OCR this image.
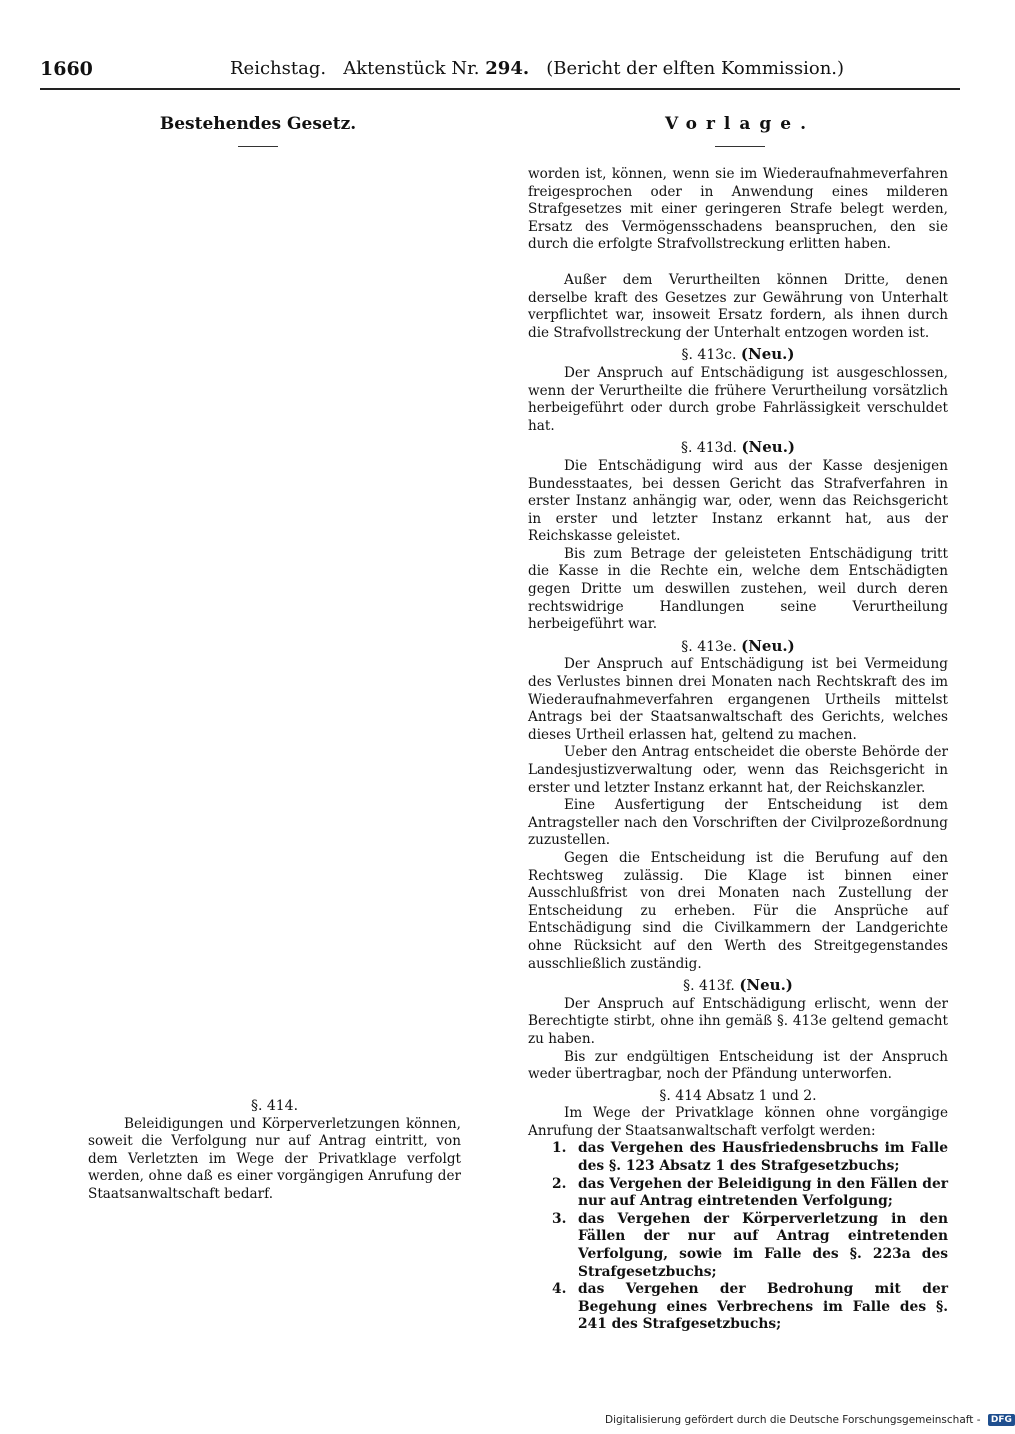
1660	Reichstag. Aktenstück Nr. 294. (Bericht der elften Kommission.)
Bestehendes Gesetz.	Vorlage.

worden ist, können, wenn sie im Wiederaufnahmeverfahren freigesprochen oder in Anwendung eines milderen Strafgesetzes mit einer geringeren Strafe belegt werden, Ersatz des Vermögensschadens beanspruchen, den sie durch die erfolgte Strafvollstreckung erlitten haben.

Außer dem Verurtheilten können Dritte, denen derselbe kraft des Gesetzes zur Gewährung von Unterhalt verpflichtet war, insoweit Ersatz fordern, als ihnen durch die Strafvollstreckung der Unterhalt entzogen worden ist.

§. 413c. (Neu.)

Der Anspruch auf Entschädigung ist ausgeschlossen, wenn der Verurtheilte die frühere Verurtheilung vorsätzlich herbeigeführt oder durch grobe Fahrlässigkeit verschuldet hat.

§. 413d. (Neu.)

Die Entschädigung wird aus der Kasse desjenigen Bundesstaates, bei dessen Gericht das Strafverfahren in erster Instanz anhängig war, oder, wenn das Reichsgericht in erster und letzter Instanz erkannt hat, aus der Reichskasse geleistet.

Bis zum Betrage der geleisteten Entschädigung tritt die Kasse in die Rechte ein, welche dem Entschädigten gegen Dritte um deswillen zustehen, weil durch deren rechtswidrige Handlungen seine Verurtheilung herbeigeführt war.

§. 413e. (Neu.)

Der Anspruch auf Entschädigung ist bei Vermeidung des Verlustes binnen drei Monaten nach Rechtskraft des im Wiederaufnahmeverfahren ergangenen Urtheils mittelst Antrags bei der Staatsanwaltschaft des Gerichts, welches dieses Urtheil erlassen hat, geltend zu machen.

Ueber den Antrag entscheidet die oberste Behörde der Landesjustizverwaltung oder, wenn das Reichsgericht in erster und letzter Instanz erkannt hat, der Reichskanzler.

Eine Ausfertigung der Entscheidung ist dem Antragsteller nach den Vorschriften der Civilprozeßordnung zuzustellen.

Gegen die Entscheidung ist die Berufung auf den Rechtsweg zulässig. Die Klage ist binnen einer Ausschlußfrist von drei Monaten nach Zustellung der Entscheidung zu erheben. Für die Ansprüche auf Entschädigung sind die Civilkammern der Landgerichte ohne Rücksicht auf den Werth des Streitgegenstandes ausschließlich zuständig.

§. 413f. (Neu.)

Der Anspruch auf Entschädigung erlischt, wenn der Berechtigte stirbt, ohne ihn gemäß §. 413e geltend gemacht zu haben.

Bis zur endgültigen Entscheidung ist der Anspruch weder übertragbar, noch der Pfändung unterworfen.

§. 414 Absatz 1 und 2.

Im Wege der Privatklage können ohne vorgängige Anrufung der Staatsanwaltschaft verfolgt werden:

1. das Vergehen des Hausfriedensbruchs im Falle des §. 123 Absatz 1 des Strafgesetzbuchs;
2. das Vergehen der Beleidigung in den Fällen der nur auf Antrag eintretenden Verfolgung;
3. das Vergehen der Körperverletzung in den Fällen der nur auf Antrag eintretenden Verfolgung, sowie im Falle des §. 223a des Strafgesetzbuchs;
4. das Vergehen der Bedrohung mit der Begehung eines Verbrechens im Falle des §. 241 des Strafgesetzbuchs;
§. 414.

Beleidigungen und Körperverletzungen können, soweit die Verfolgung nur auf Antrag eintritt, von dem Verletzten im Wege der Privatklage verfolgt werden, ohne daß es einer vorgängigen Anrufung der Staatsanwaltschaft bedarf.

Digitalisierung gefördert durch die Deutsche Forschungsgemeinschaft - DFG
